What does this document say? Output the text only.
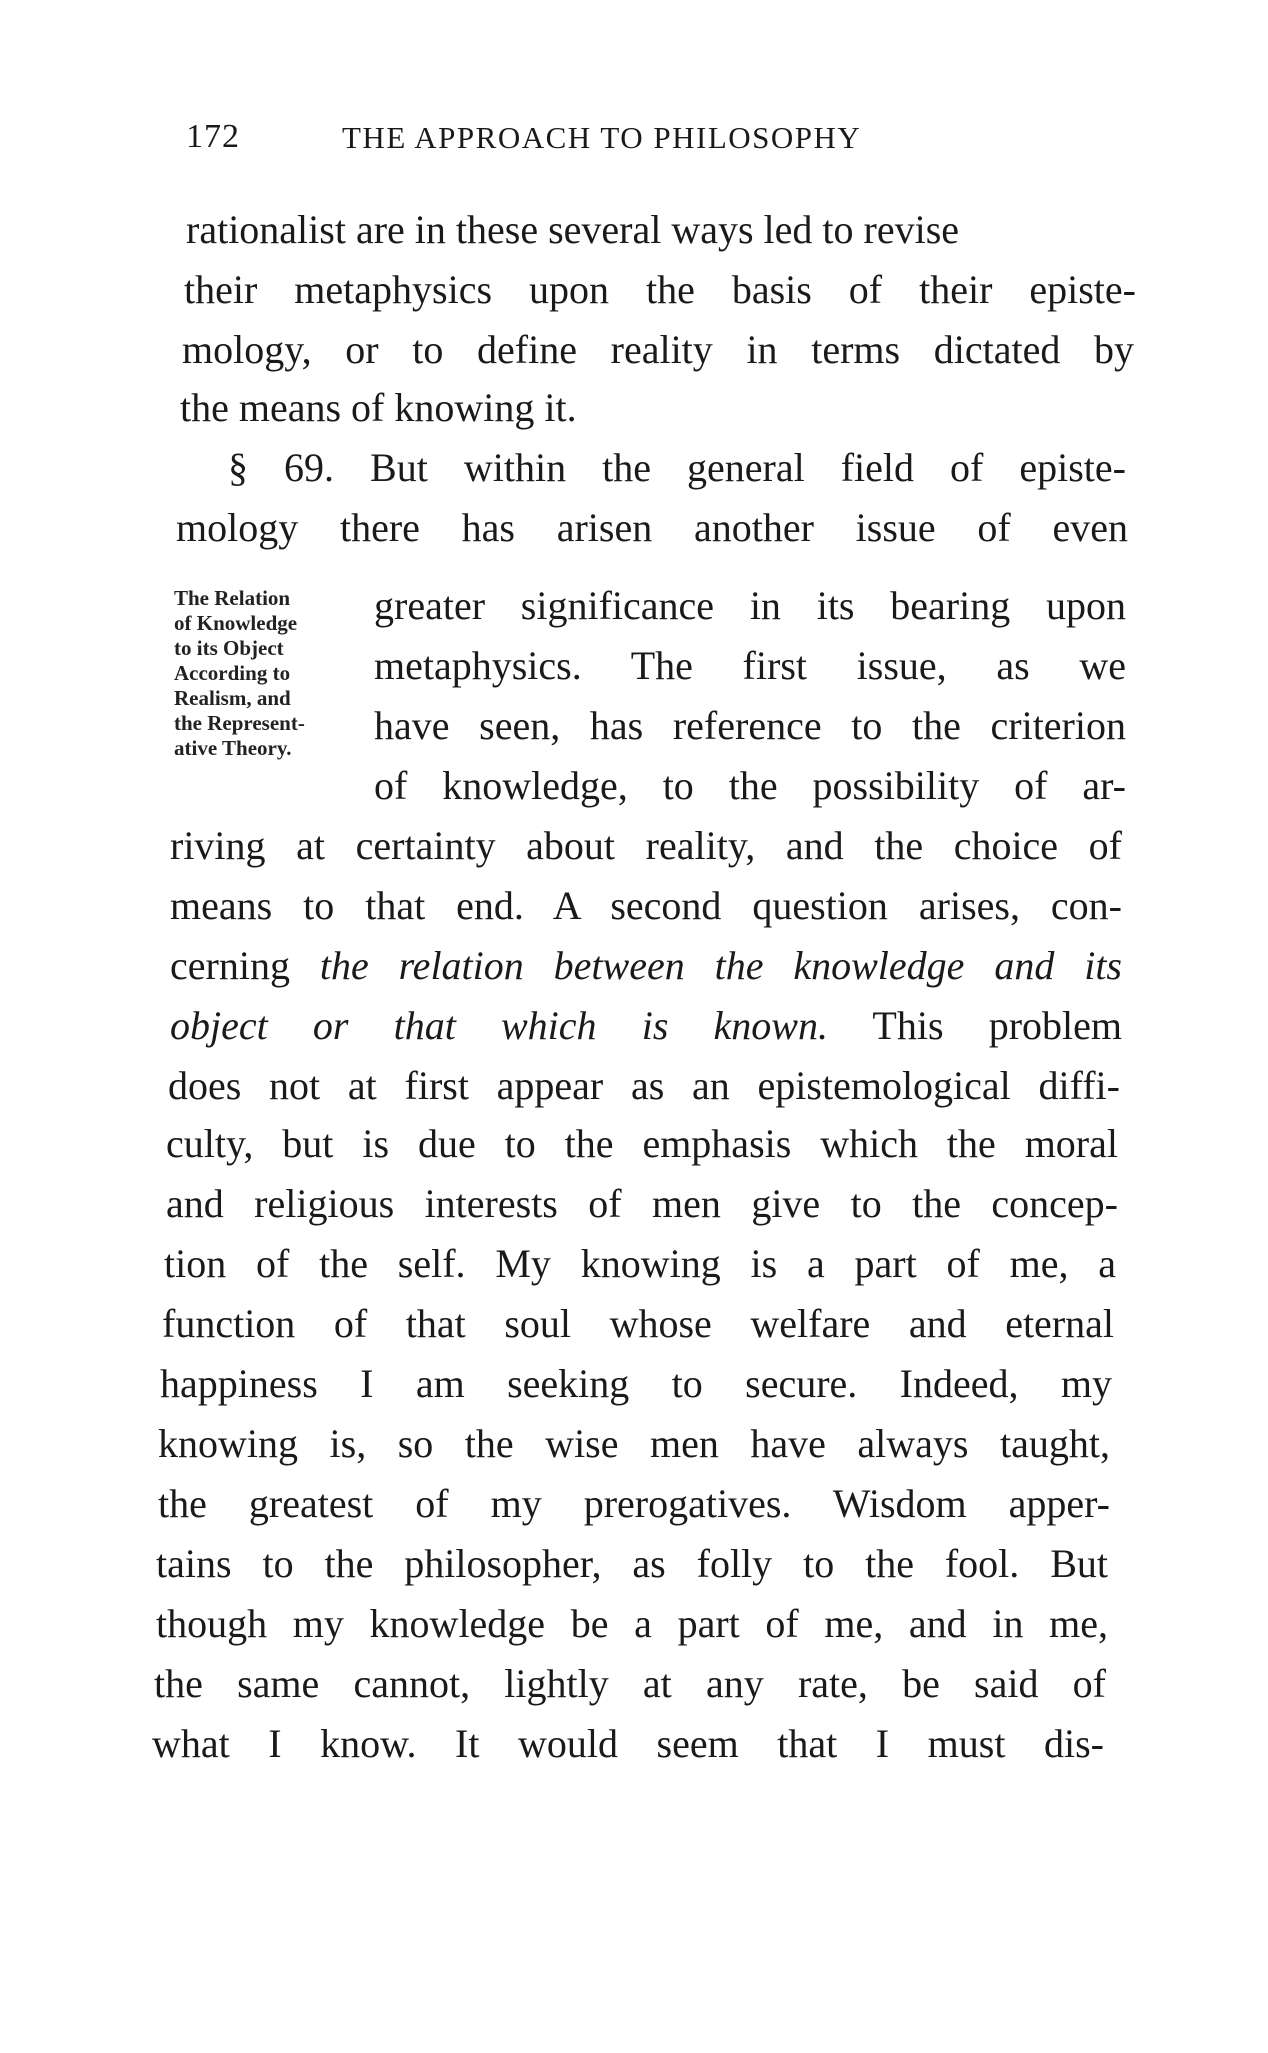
172	THE APPROACH TO PHILOSOPHY
rationalist are in these several ways led to revise
their metaphysics upon the basis of their episte-
mology, or to define reality in terms dictated by
the means of knowing it.
§ 69. But within the general field of episte-
mology there has arisen another issue of even
The Relation
of Knowledge
to its Object
According to
Realism, and
the Represent-
ative Theory.
greater significance in its bearing upon
metaphysics. The first issue, as we
have seen, has reference to the criterion
of knowledge, to the possibility of ar-
riving at certainty about reality, and the choice of
means to that end. A second question arises, con-
cerning the relation between the knowledge and its
object or that which is known. This problem
does not at first appear as an epistemological diffi-
culty, but is due to the emphasis which the moral
and religious interests of men give to the concep-
tion of the self. My knowing is a part of me, a
function of that soul whose welfare and eternal
happiness I am seeking to secure. Indeed, my
knowing is, so the wise men have always taught,
the greatest of my prerogatives. Wisdom apper-
tains to the philosopher, as folly to the fool. But
though my knowledge be a part of me, and in me,
the same cannot, lightly at any rate, be said of
what I know. It would seem that I must dis-
